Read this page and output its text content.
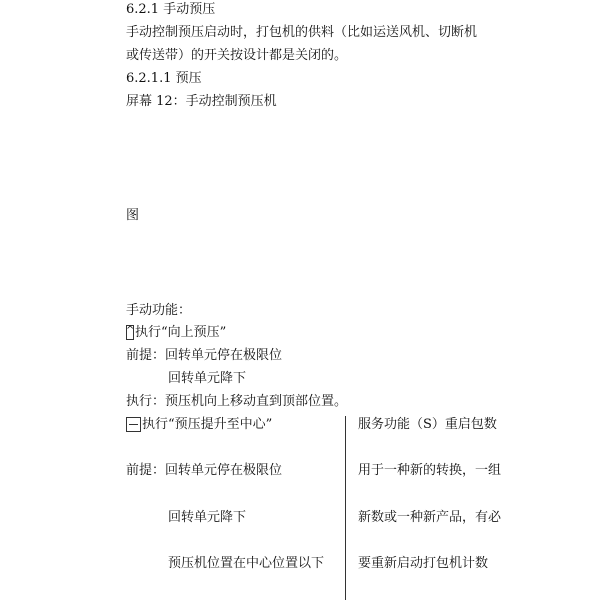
6.2.1 手动预压
手动控制预压启动时，打包机的供料（比如运送风机、切断机
或传送带）的开关按设计都是关闭的。
6.2.1.1 预压
屏幕 12：手动控制预压机
图
手动功能：
^执行“向上预压”
前提：回转单元停在极限位
回转单元降下
执行：预压机向上移动直到顶部位置。
执行“预压提升至中心”
前提：回转单元停在极限位
回转单元降下
预压机位置在中心位置以下
服务功能（S）重启包数
用于一种新的转换，一组
新数或一种新产品，有必
要重新启动打包机计数
